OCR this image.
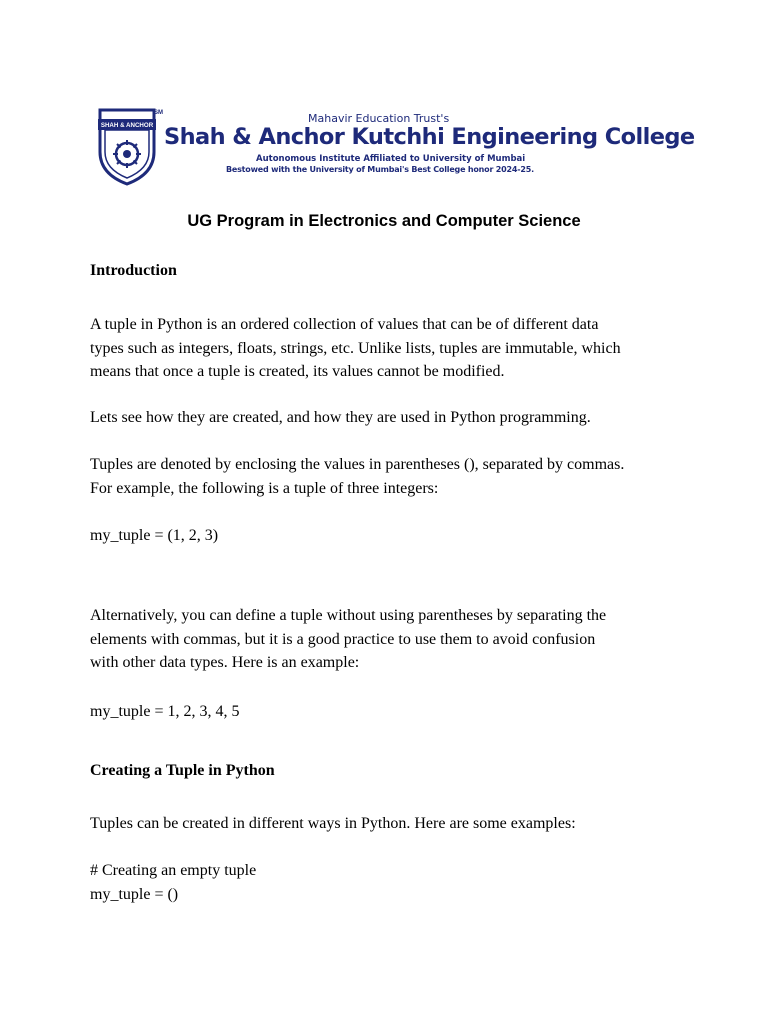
SHAH & ANCHOR
SM	Mahavir Education Trust's
Shah & Anchor Kutchhi Engineering College
Autonomous Institute Affiliated to University of Mumbai
Bestowed with the University of Mumbai's Best College honor 2024-25.
UG Program in Electronics and Computer Science
Introduction
A tuple in Python is an ordered collection of values that can be of different data
types such as integers, floats, strings, etc. Unlike lists, tuples are immutable, which
means that once a tuple is created, its values cannot be modified.
Lets see how they are created, and how they are used in Python programming.
Tuples are denoted by enclosing the values in parentheses (), separated by commas.
For example, the following is a tuple of three integers:
my_tuple = (1, 2, 3)
Alternatively, you can define a tuple without using parentheses by separating the
elements with commas, but it is a good practice to use them to avoid confusion
with other data types. Here is an example:
my_tuple = 1, 2, 3, 4, 5
Creating a Tuple in Python
Tuples can be created in different ways in Python. Here are some examples:
# Creating an empty tuple
my_tuple = ()
